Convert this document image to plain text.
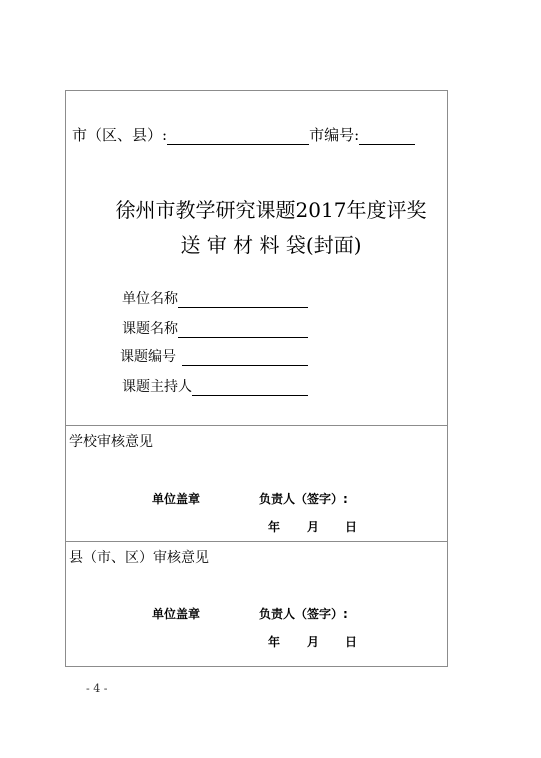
市（区、县）:	市编号:
徐州市教学研究课题2017年度评奖
送 审 材 料 袋(封面)
单位名称
课题名称
课题编号
课题主持人
学校审核意见
单位盖章	负责人（签字）:
年 月 日
县（市、区）审核意见
单位盖章	负责人（签字）:
年 月 日
- 4 -
